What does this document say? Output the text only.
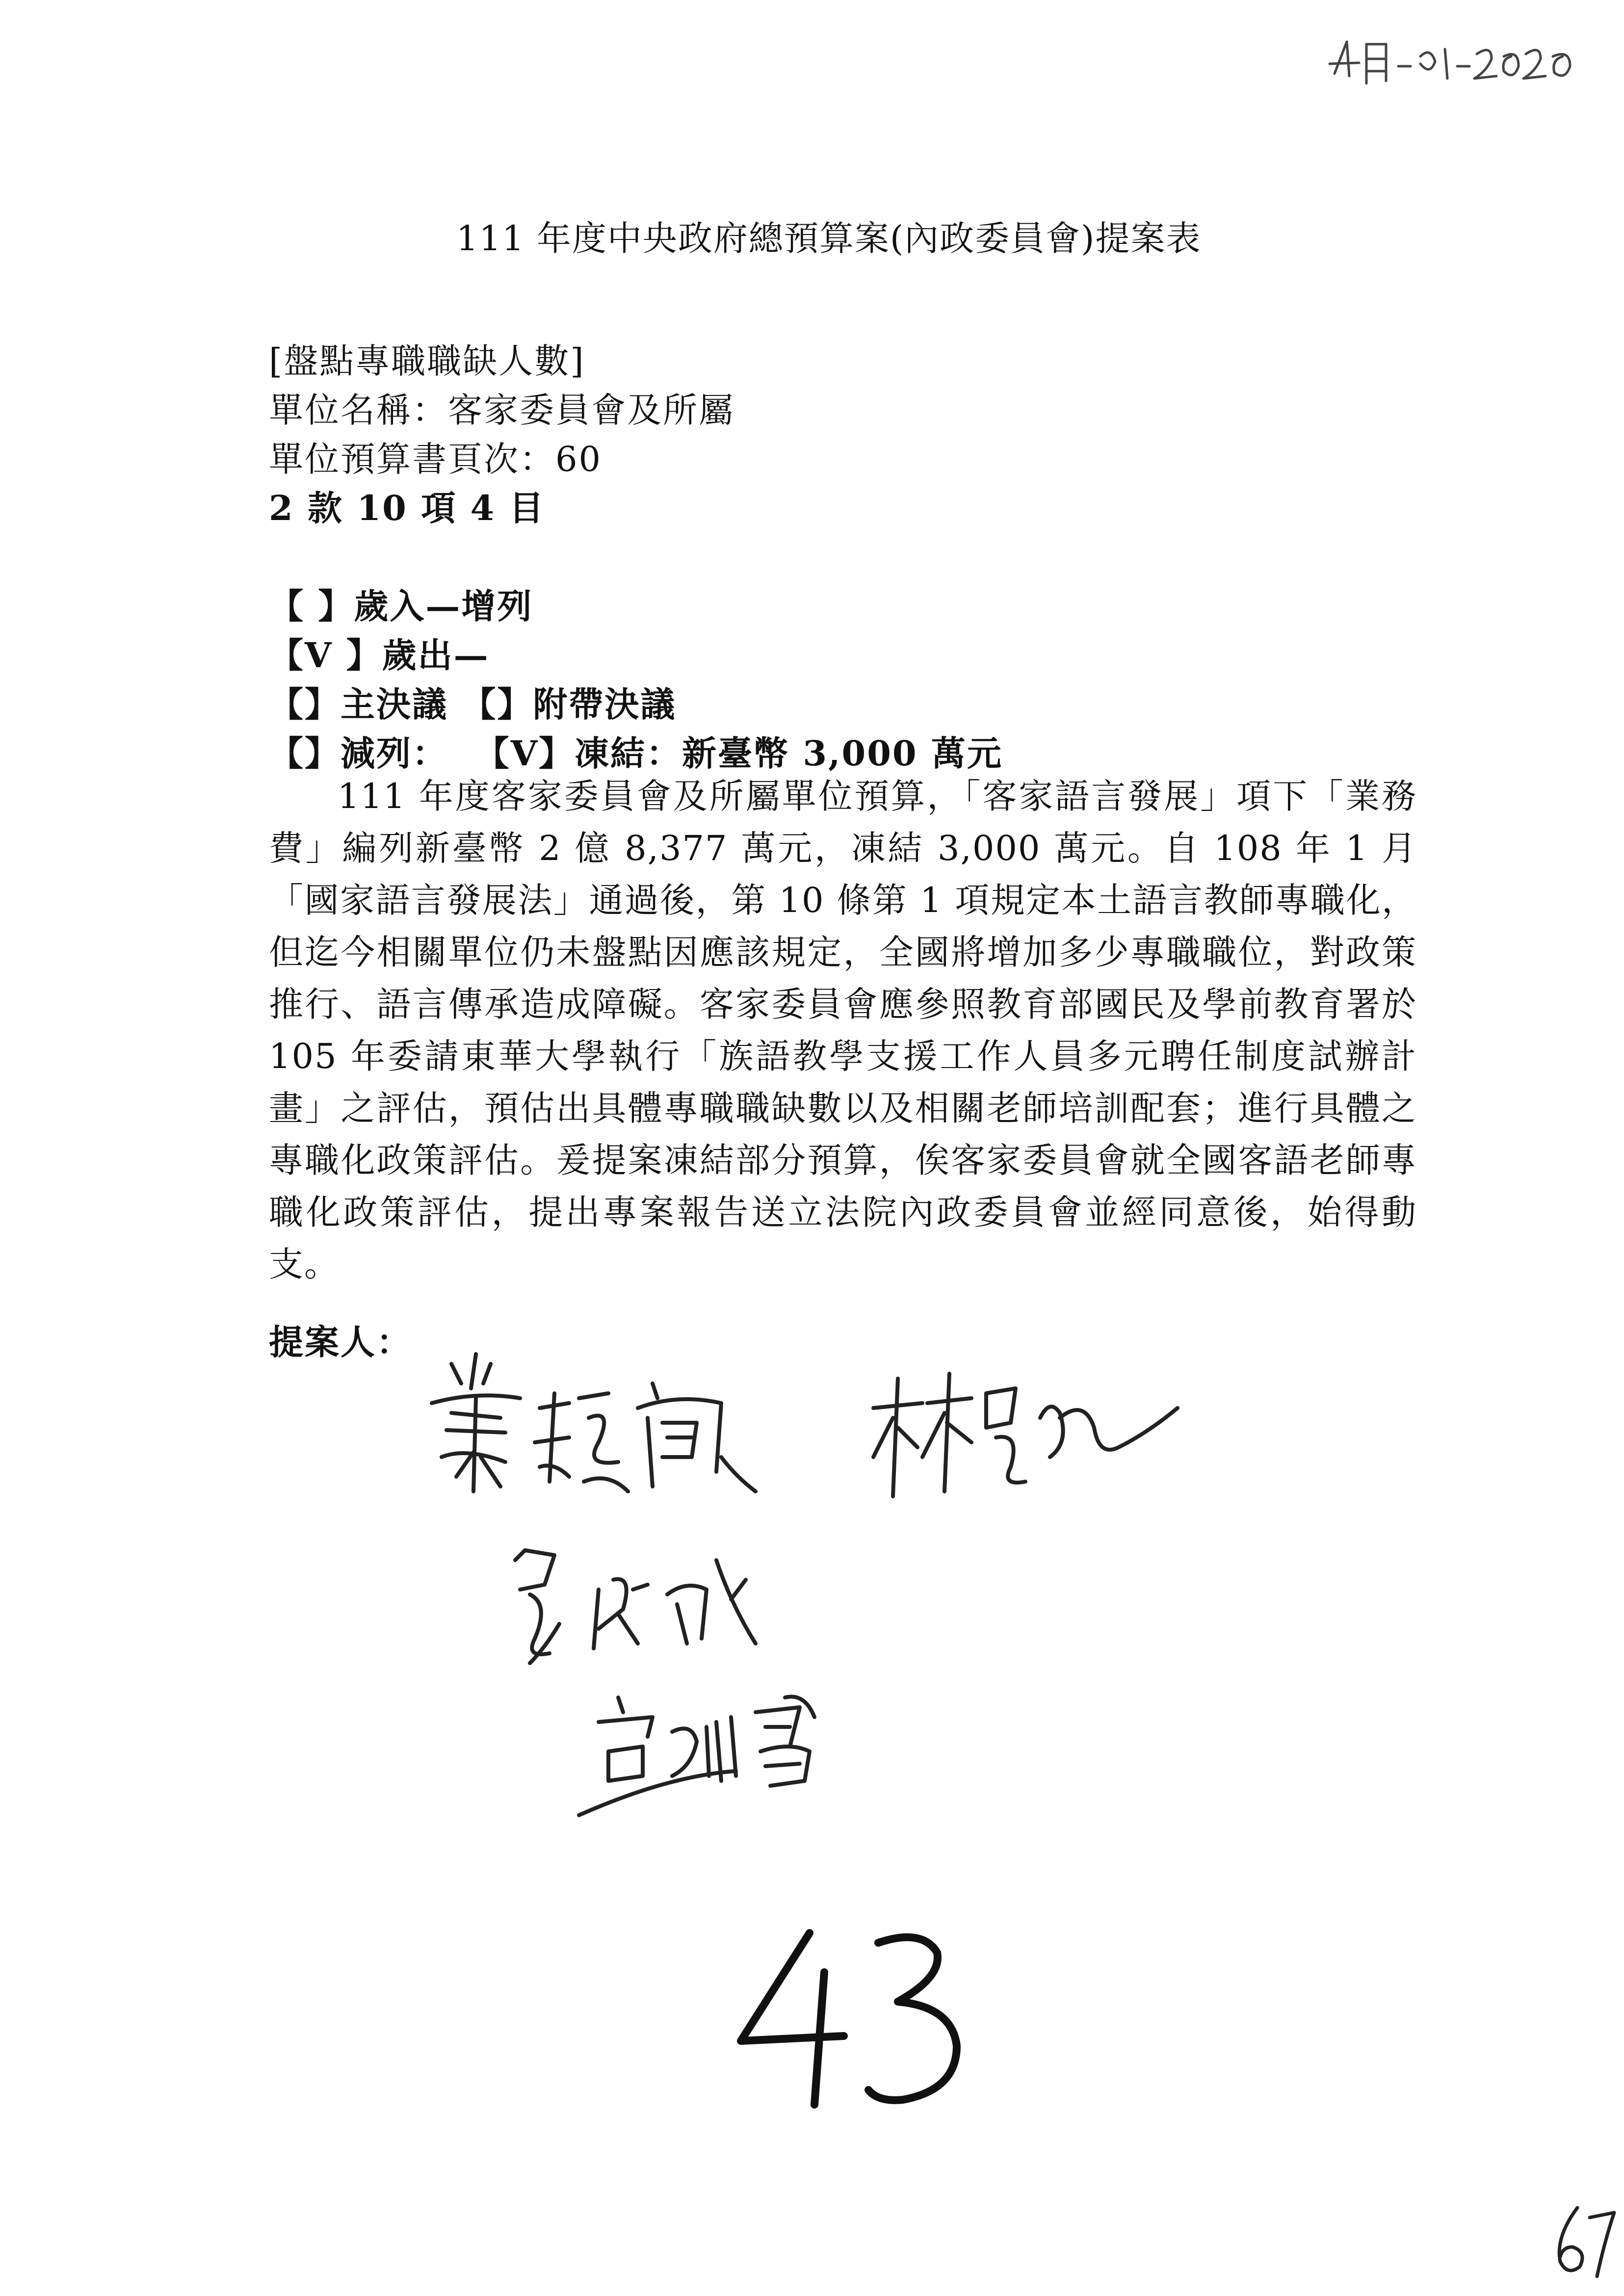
111 年度中央政府總預算案(內政委員會)提案表
[盤點專職職缺人數]
單位名稱：客家委員會及所屬
單位預算書頁次：60
2 款 10 項 4 目
【 】歲入—增列
【V 】歲出—
【】主決議 【】附帶決議
【】減列：  【V】凍結：新臺幣 3,000 萬元
111 年度客家委員會及所屬單位預算，「客家語言發展」項下「業務費」編列新臺幣 2 億 8,377 萬元，凍結 3,000 萬元。自 108 年 1 月「國家語言發展法」通過後，第 10 條第 1 項規定本土語言教師專職化，但迄今相關單位仍未盤點因應該規定，全國將增加多少專職職位，對政策推行、語言傳承造成障礙。客家委員會應參照教育部國民及學前教育署於 105 年委請東華大學執行「族語教學支援工作人員多元聘任制度試辦計畫」之評估，預估出具體專職職缺數以及相關老師培訓配套；進行具體之專職化政策評估。爰提案凍結部分預算，俟客家委員會就全國客語老師專職化政策評估，提出專案報告送立法院內政委員會並經同意後，始得動支。
提案人：
